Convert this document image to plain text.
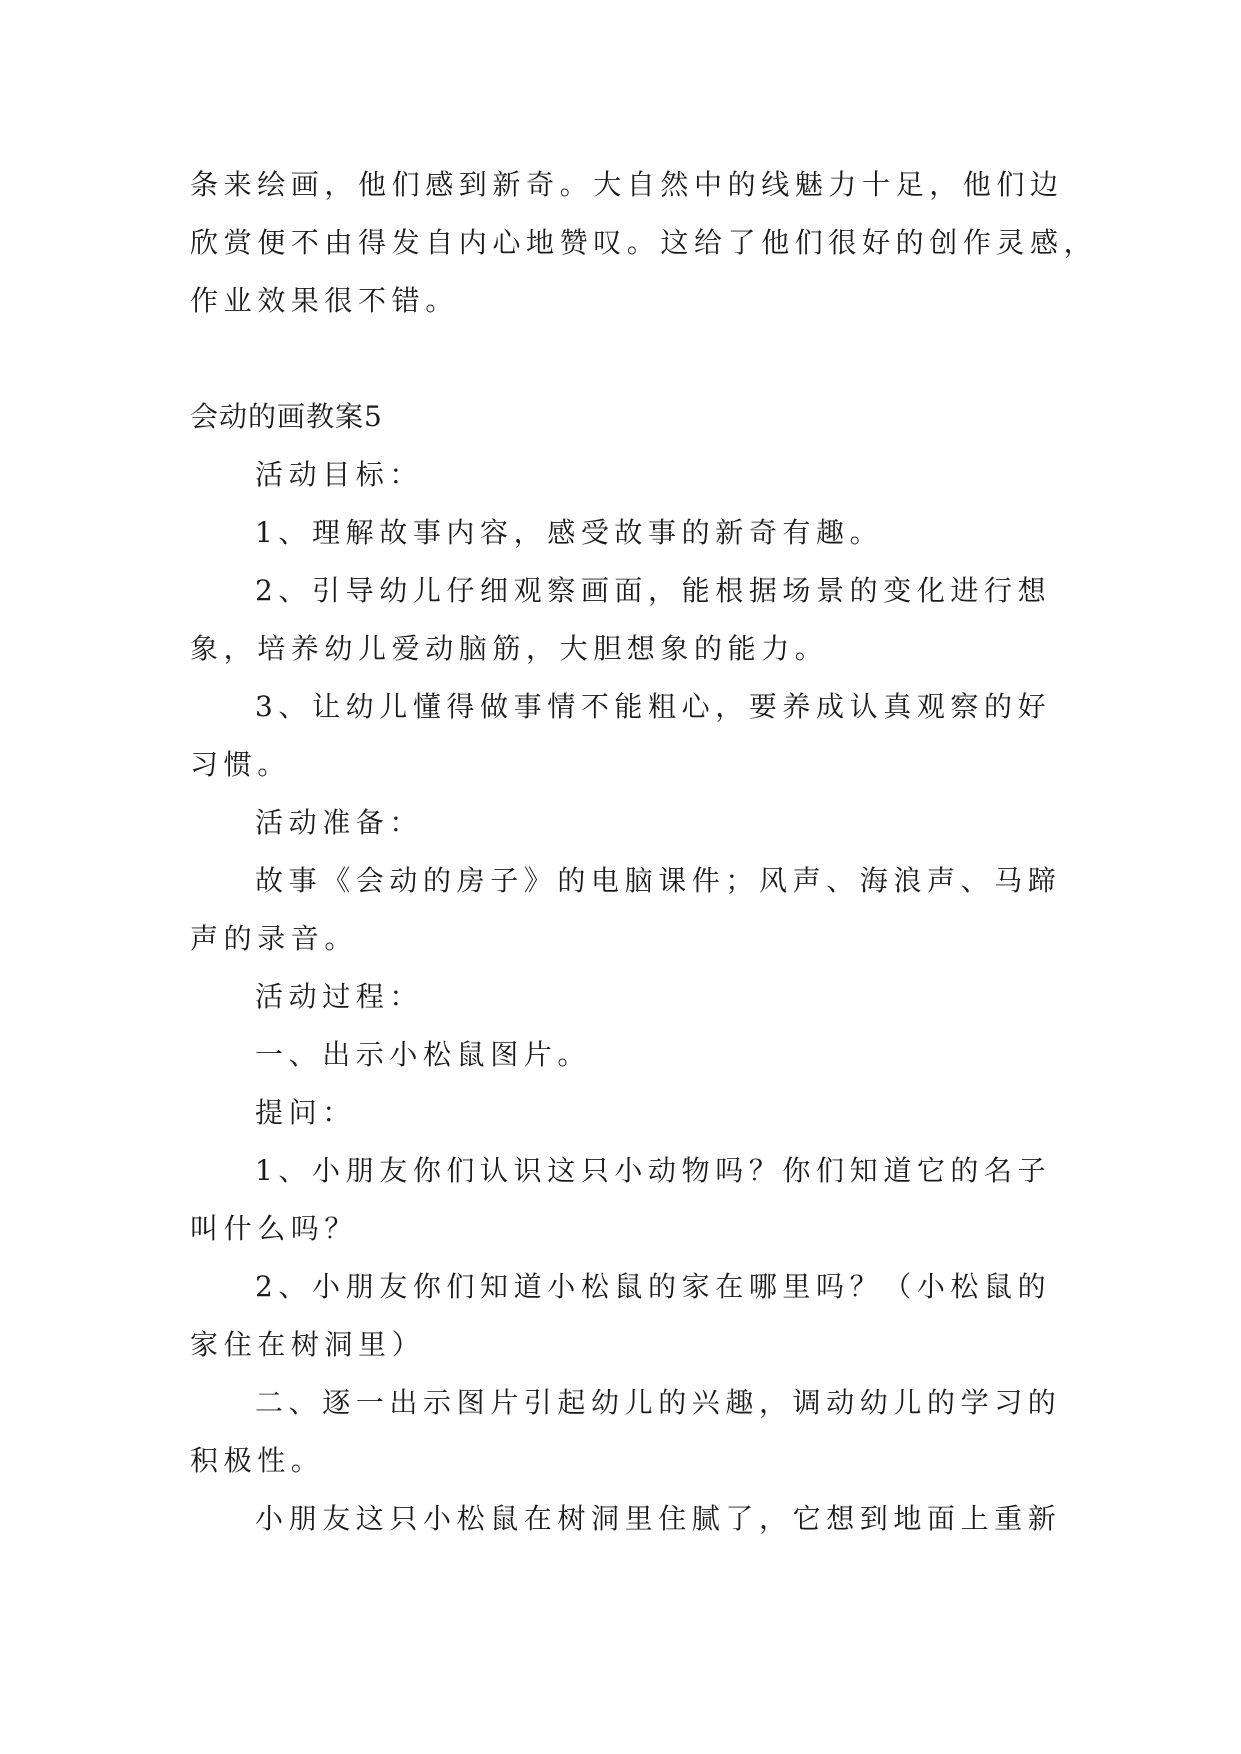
条来绘画，他们感到新奇。大自然中的线魅力十足，他们边
欣赏便不由得发自内心地赞叹。这给了他们很好的创作灵感，
作业效果很不错。
会动的画教案5
活动目标：
1、理解故事内容，感受故事的新奇有趣。
2、引导幼儿仔细观察画面，能根据场景的变化进行想
象，培养幼儿爱动脑筋，大胆想象的能力。
3、让幼儿懂得做事情不能粗心，要养成认真观察的好
习惯。
活动准备：
故事《会动的房子》的电脑课件；风声、海浪声、马蹄
声的录音。
活动过程：
一、出示小松鼠图片。
提问：
1、小朋友你们认识这只小动物吗？你们知道它的名子
叫什么吗？
2、小朋友你们知道小松鼠的家在哪里吗？（小松鼠的
家住在树洞里）
二、逐一出示图片引起幼儿的兴趣，调动幼儿的学习的
积极性。
小朋友这只小松鼠在树洞里住腻了，它想到地面上重新
